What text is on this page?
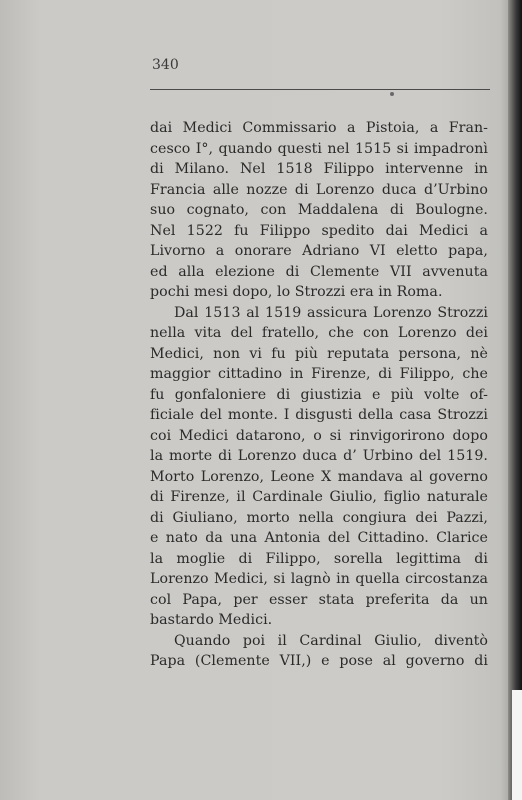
340

dai Medici Commissario a Pistoia, a Fran-
cesco I°, quando questi nel 1515 si impadronì
di Milano. Nel 1518 Filippo intervenne in
Francia alle nozze di Lorenzo duca d’Urbino
suo cognato, con Maddalena di Boulogne.
Nel 1522 fu Filippo spedito dai Medici a
Livorno a onorare Adriano VI eletto papa,
ed alla elezione di Clemente VII avvenuta
pochi mesi dopo, lo Strozzi era in Roma.
Dal 1513 al 1519 assicura Lorenzo Strozzi
nella vita del fratello, che con Lorenzo dei
Medici, non vi fu più reputata persona, nè
maggior cittadino in Firenze, di Filippo, che
fu gonfaloniere di giustizia e più volte of-
ficiale del monte. I disgusti della casa Strozzi
coi Medici datarono, o si rinvigorirono dopo
la morte di Lorenzo duca d’ Urbino del 1519.
Morto Lorenzo, Leone X mandava al governo
di Firenze, il Cardinale Giulio, figlio naturale
di Giuliano, morto nella congiura dei Pazzi,
e nato da una Antonia del Cittadino. Clarice
la moglie di Filippo, sorella legittima di
Lorenzo Medici, si lagnò in quella circostanza
col Papa, per esser stata preferita da un
bastardo Medici.
Quando poi il Cardinal Giulio, diventò
Papa (Clemente VII,) e pose al governo di
